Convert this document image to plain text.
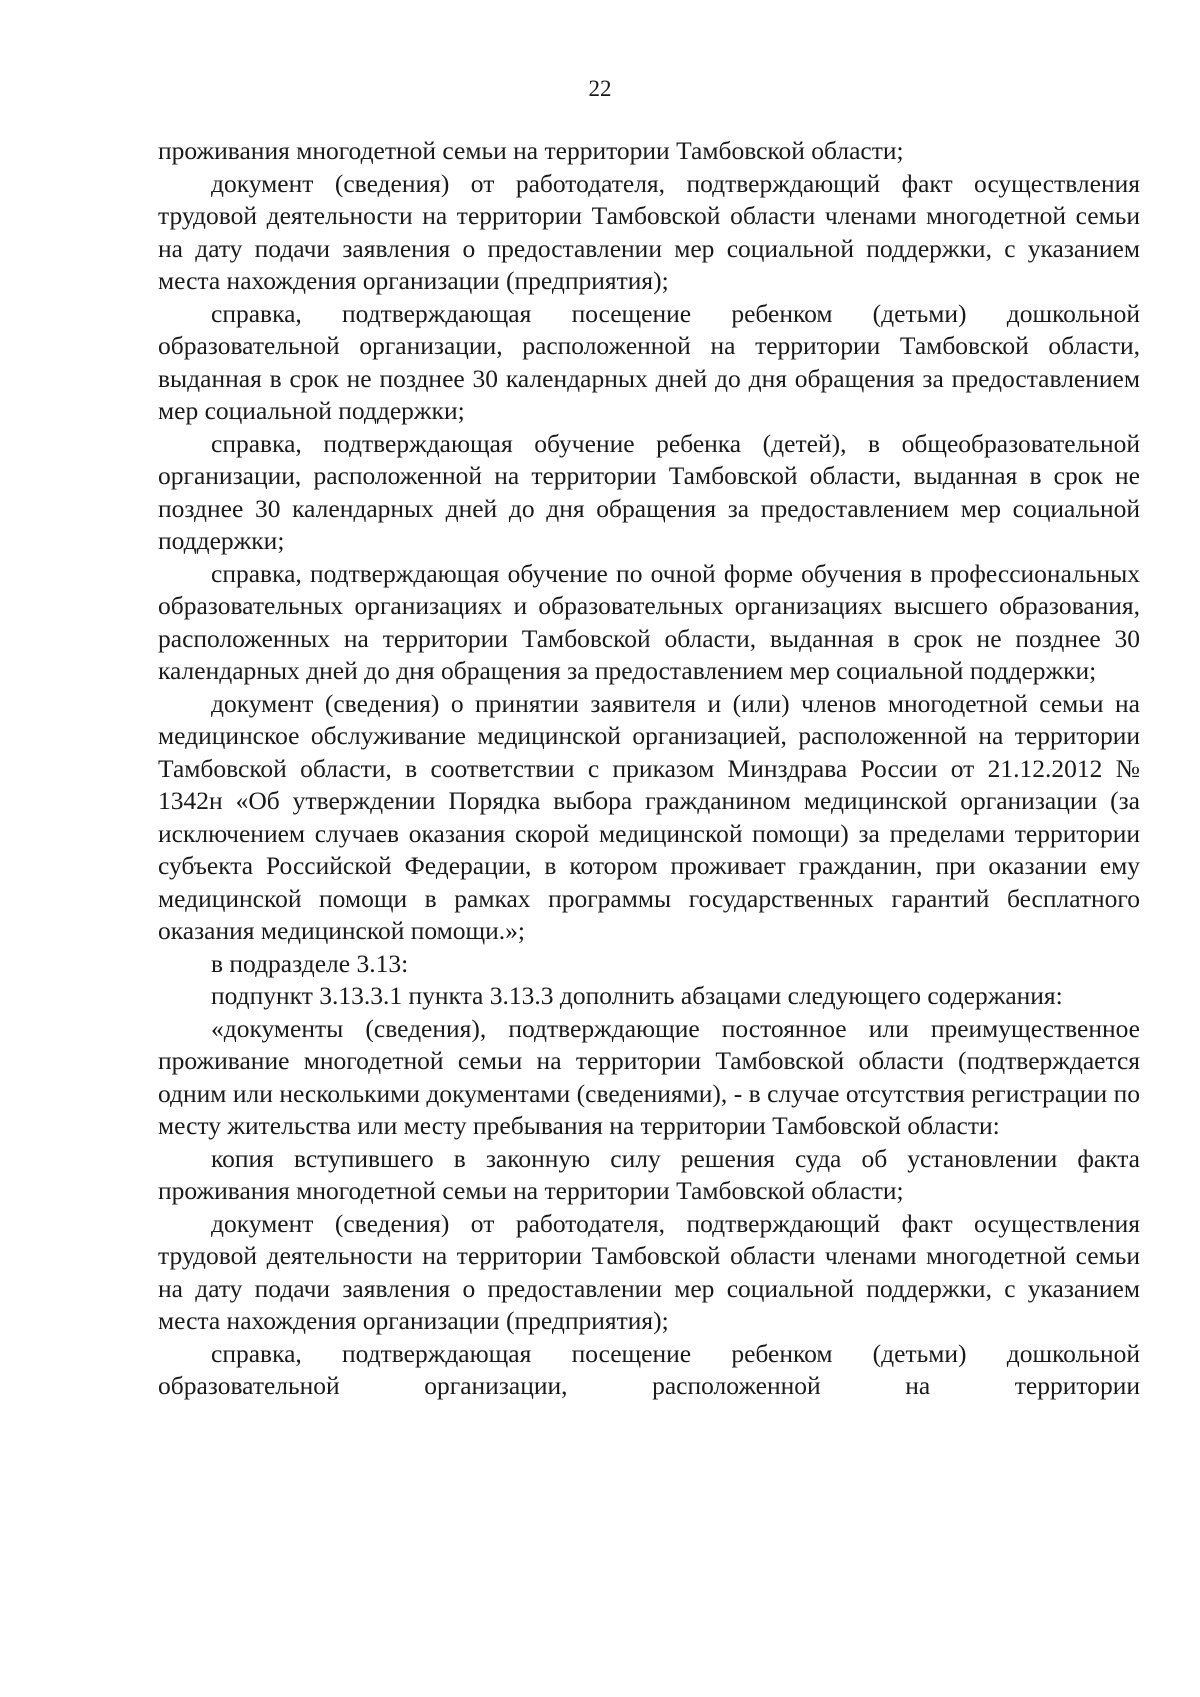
22

проживания многодетной семьи на территории Тамбовской области;

документ (сведения) от работодателя, подтверждающий факт осуществления трудовой деятельности на территории Тамбовской области членами многодетной семьи на дату подачи заявления о предоставлении мер социальной поддержки, с указанием места нахождения организации (предприятия);

справка, подтверждающая посещение ребенком (детьми) дошкольной образовательной организации, расположенной на территории Тамбовской области, выданная в срок не позднее 30 календарных дней до дня обращения за предоставлением мер социальной поддержки;

справка, подтверждающая обучение ребенка (детей), в общеобразовательной организации, расположенной на территории Тамбовской области, выданная в срок не позднее 30 календарных дней до дня обращения за предоставлением мер социальной поддержки;

справка, подтверждающая обучение по очной форме обучения в профессиональных образовательных организациях и образовательных организациях высшего образования, расположенных на территории Тамбовской области, выданная в срок не позднее 30 календарных дней до дня обращения за предоставлением мер социальной поддержки;

документ (сведения) о принятии заявителя и (или) членов многодетной семьи на медицинское обслуживание медицинской организацией, расположенной на территории Тамбовской области, в соответствии с приказом Минздрава России от 21.12.2012 № 1342н «Об утверждении Порядка выбора гражданином медицинской организации (за исключением случаев оказания скорой медицинской помощи) за пределами территории субъекта Российской Федерации, в котором проживает гражданин, при оказании ему медицинской помощи в рамках программы государственных гарантий бесплатного оказания медицинской помощи.»;

в подразделе 3.13:

подпункт 3.13.3.1 пункта 3.13.3 дополнить абзацами следующего содержания:

«документы (сведения), подтверждающие постоянное или преимущественное проживание многодетной семьи на территории Тамбовской области (подтверждается одним или несколькими документами (сведениями), - в случае отсутствия регистрации по месту жительства или месту пребывания на территории Тамбовской области:

копия вступившего в законную силу решения суда об установлении факта проживания многодетной семьи на территории Тамбовской области;

документ (сведения) от работодателя, подтверждающий факт осуществления трудовой деятельности на территории Тамбовской области членами многодетной семьи на дату подачи заявления о предоставлении мер социальной поддержки, с указанием места нахождения организации (предприятия);

справка, подтверждающая посещение ребенком (детьми) дошкольной образовательной организации, расположенной на территории
